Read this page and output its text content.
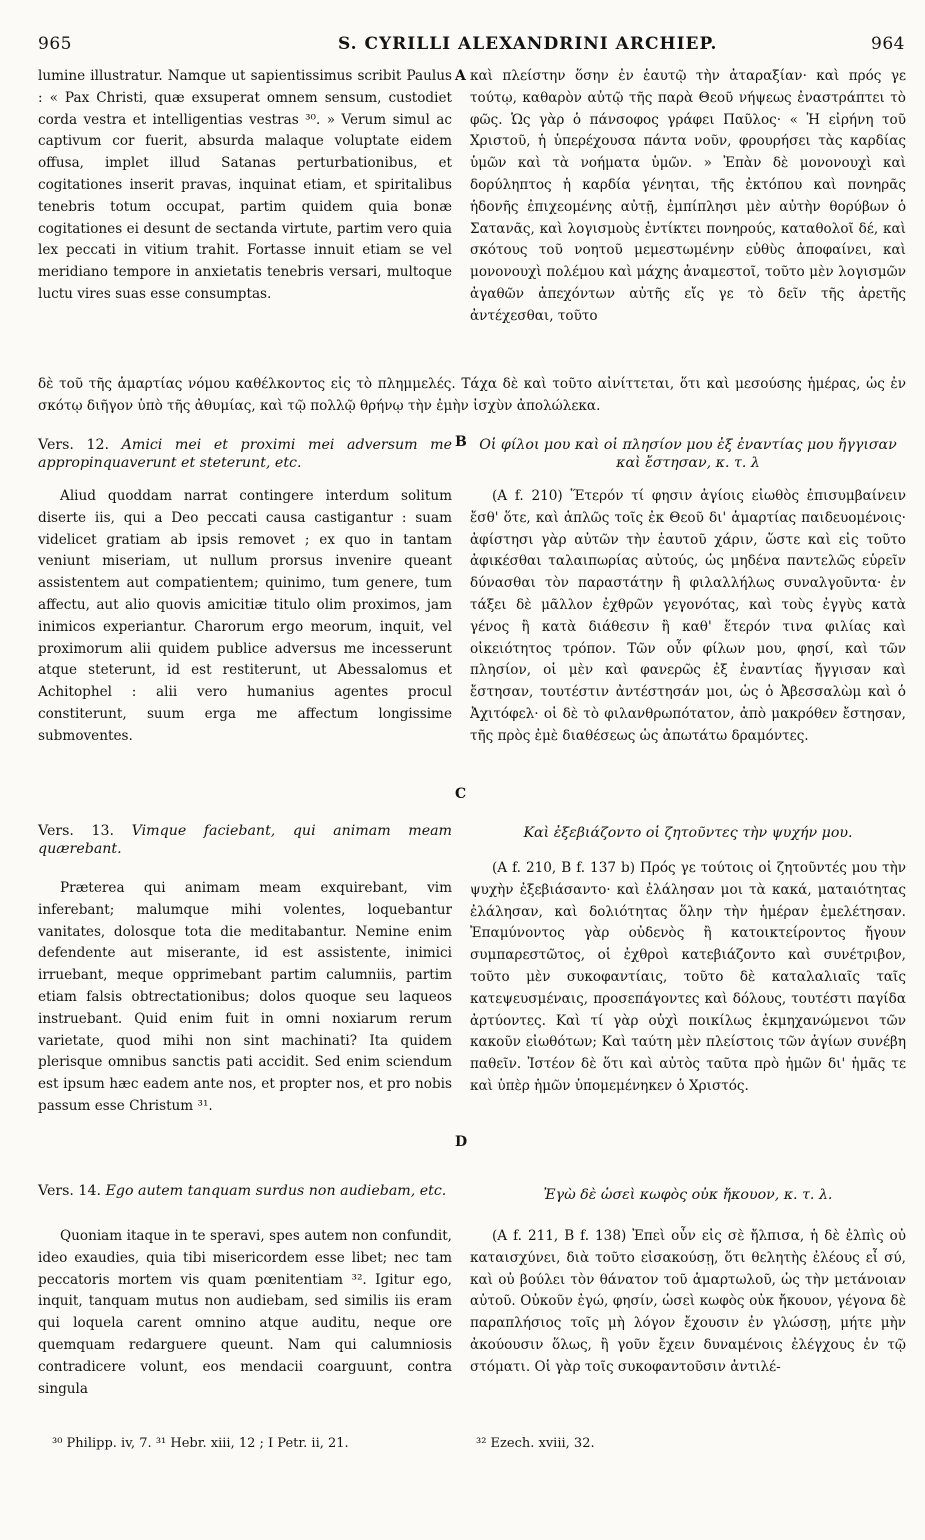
965	S. CYRILLI ALEXANDRINI ARCHIEP.	964
lumine illustratur. Namque ut sapientissimus scribit Paulus : « Pax Christi, quæ exsuperat omnem sensum, custodiet corda vestra et intelligentias vestras ³⁰. » Verum simul ac captivum cor fuerit, absurda malaque voluptate eidem offusa, implet illud Satanas perturbationibus, et cogitationes inserit pravas, inquinat etiam, et spiritalibus tenebris totum occupat, partim quidem quia bonæ cogitationes ei desunt de sectanda virtute, partim vero quia lex peccati in vitium trahit. Fortasse innuit etiam se vel meridiano tempore in anxietatis tenebris versari, multoque luctu vires suas esse consumptas.
A καὶ πλείστην ὅσην ἐν ἑαυτῷ τὴν ἀταραξίαν· καὶ πρός γε τούτῳ, καθαρὸν αὐτῷ τῆς παρὰ Θεοῦ νήψεως ἐναστράπτει τὸ φῶς. Ὡς γὰρ ὁ πάνσοφος γράφει Παῦλος· « Ἡ εἰρήνη τοῦ Χριστοῦ, ἡ ὑπερέχουσα πάντα νοῦν, φρουρήσει τὰς καρδίας ὑμῶν καὶ τὰ νοήματα ὑμῶν. » Ἐπὰν δὲ μονονουχὶ καὶ δορύληπτος ἡ καρδία γένηται, τῆς ἐκτόπου καὶ πονηρᾶς ἡδονῆς ἐπιχεομένης αὐτῇ, ἐμπίπλησι μὲν αὐτὴν θορύβων ὁ Σατανᾶς, καὶ λογισμοὺς ἐντίκτει πονηρούς, καταθολοῖ δέ, καὶ σκότους τοῦ νοητοῦ μεμεστωμένην εὐθὺς ἀποφαίνει, καὶ μονονουχὶ πολέμου καὶ μάχης ἀναμεστοῖ, τοῦτο μὲν λογισμῶν ἀγαθῶν ἀπεχόντων αὐτῆς εἴς γε τὸ δεῖν τῆς ἀρετῆς ἀντέχεσθαι, τοῦτο
δὲ τοῦ τῆς ἁμαρτίας νόμου καθέλκοντος εἰς τὸ πλημμελές. Τάχα δὲ καὶ τοῦτο αἰνίττεται, ὅτι καὶ μεσούσης ἡμέρας, ὡς ἐν σκότῳ διῆγον ὑπὸ τῆς ἀθυμίας, καὶ τῷ πολλῷ θρήνῳ τὴν ἐμὴν ἰσχὺν ἀπολώλεκα.
Vers. 12. Amici mei et proximi mei adversum me appropinquaverunt et steterunt, etc.
B Οἱ φίλοι μου καὶ οἱ πλησίον μου ἐξ ἐναντίας μου ἤγγισαν καὶ ἔστησαν, κ. τ. λ
Aliud quoddam narrat contingere interdum solitum diserte iis, qui a Deo peccati causa castigantur : suam videlicet gratiam ab ipsis removet ; ex quo in tantam veniunt miseriam, ut nullum prorsus invenire queant assistentem aut compatientem; quinimo, tum genere, tum affectu, aut alio quovis amicitiæ titulo olim proximos, jam inimicos experiantur. Charorum ergo meorum, inquit, vel proximorum alii quidem publice adversus me incesserunt atque steterunt, id est restiterunt, ut Abessalomus et Achitophel : alii vero humanius agentes procul constiterunt, suum erga me affectum longissime submoventes.
(A f. 210) Ἕτερόν τί φησιν ἁγίοις εἰωθὸς ἐπισυμβαίνειν ἔσθ' ὅτε, καὶ ἁπλῶς τοῖς ἐκ Θεοῦ δι' ἁμαρτίας παιδευομένοις· ἀφίστησι γὰρ αὐτῶν τὴν ἑαυτοῦ χάριν, ὥστε καὶ εἰς τοῦτο ἀφικέσθαι ταλαιπωρίας αὐτούς, ὡς μηδένα παντελῶς εὑρεῖν δύνασθαι τὸν παραστάτην ἢ φιλαλλήλως συναλγοῦντα· ἐν τάξει δὲ μᾶλλον ἐχθρῶν γεγονότας, καὶ τοὺς ἐγγὺς κατὰ γένος ἢ κατὰ διάθεσιν ἢ καθ' ἕτερόν τινα φιλίας καὶ οἰκειότητος τρόπον. Τῶν οὖν φίλων μου, φησί, καὶ τῶν πλησίον, οἱ μὲν καὶ φανερῶς ἐξ ἐναντίας ἤγγισαν καὶ ἔστησαν, τουτέστιν ἀντέστησάν μοι, ὡς ὁ Ἀβεσσαλὼμ καὶ ὁ Ἀχιτόφελ· οἱ δὲ τὸ φιλανθρωπότατον, ἀπὸ μακρόθεν ἔστησαν, τῆς πρὸς ἐμὲ διαθέσεως ὡς ἀπωτάτω δραμόντες.
C
Vers. 13. Vimque faciebant, qui animam meam quærebant.
Καὶ ἐξεβιάζοντο οἱ ζητοῦντες τὴν ψυχήν μου.
Præterea qui animam meam exquirebant, vim inferebant; malumque mihi volentes, loquebantur vanitates, dolosque tota die meditabantur. Nemine enim defendente aut miserante, id est assistente, inimici irruebant, meque opprimebant partim calumniis, partim etiam falsis obtrectationibus; dolos quoque seu laqueos instruebant. Quid enim fuit in omni noxiarum rerum varietate, quod mihi non sint machinati? Ita quidem plerisque omnibus sanctis pati accidit. Sed enim sciendum est ipsum hæc eadem ante nos, et propter nos, et pro nobis passum esse Christum ³¹.
(A f. 210, B f. 137 b) Πρός γε τούτοις οἱ ζητοῦντές μου τὴν ψυχὴν ἐξεβιάσαντο· καὶ ἐλάλησαν μοι τὰ κακά, ματαιότητας ἐλάλησαν, καὶ δολιότητας ὅλην τὴν ἡμέραν ἐμελέτησαν. Ἐπαμύνοντος γὰρ οὐδενὸς ἢ κατοικτείροντος ἤγουν συμπαρεστῶτος, οἱ ἐχθροὶ κατεβιάζοντο καὶ συνέτριβον, τοῦτο μὲν συκοφαντίαις, τοῦτο δὲ καταλαλιαῖς ταῖς κατεψευσμέναις, προσεπάγοντες καὶ δόλους, τουτέστι παγίδα ἀρτύοντες. Καὶ τί γὰρ οὐχὶ ποικίλως ἐκμηχανώμενοι τῶν κακοῦν εἰωθότων; Καὶ ταύτη μὲν πλείστοις τῶν ἁγίων συνέβη παθεῖν. Ἰστέον δὲ ὅτι καὶ αὐτὸς ταῦτα πρὸ ἡμῶν δι' ἡμᾶς τε καὶ ὑπὲρ ἡμῶν ὑπομεμένηκεν ὁ Χριστός.
D
Vers. 14. Ego autem tanquam surdus non audiebam, etc.	Ἐγὼ δὲ ὡσεὶ κωφὸς οὐκ ἤκουον, κ. τ. λ.
Quoniam itaque in te speravi, spes autem non confundit, ideo exaudies, quia tibi misericordem esse libet; nec tam peccatoris mortem vis quam pœnitentiam ³². Igitur ego, inquit, tanquam mutus non audiebam, sed similis iis eram qui loquela carent omnino atque auditu, neque ore quemquam redarguere queunt. Nam qui calumniosis contradicere volunt, eos mendacii coarguunt, contra singula
(A f. 211, B f. 138) Ἐπεὶ οὖν εἰς σὲ ἤλπισα, ἡ δὲ ἐλπὶς οὐ καταισχύνει, διὰ τοῦτο εἰσακούσῃ, ὅτι θελητὴς ἐλέους εἶ σύ, καὶ οὐ βούλει τὸν θάνατον τοῦ ἁμαρτωλοῦ, ὡς τὴν μετάνοιαν αὐτοῦ. Οὐκοῦν ἐγώ, φησίν, ὡσεὶ κωφὸς οὐκ ἤκουον, γέγονα δὲ παραπλήσιος τοῖς μὴ λόγον ἔχουσιν ἐν γλώσσῃ, μήτε μὴν ἀκούουσιν ὅλως, ἢ γοῦν ἔχειν δυναμένοις ἐλέγχους ἐν τῷ στόματι. Οἱ γὰρ τοῖς συκοφαντοῦσιν ἀντιλέ-
³⁰ Philipp. iv, 7. ³¹ Hebr. xiii, 12 ; I Petr. ii, 21.	³² Ezech. xviii, 32.
